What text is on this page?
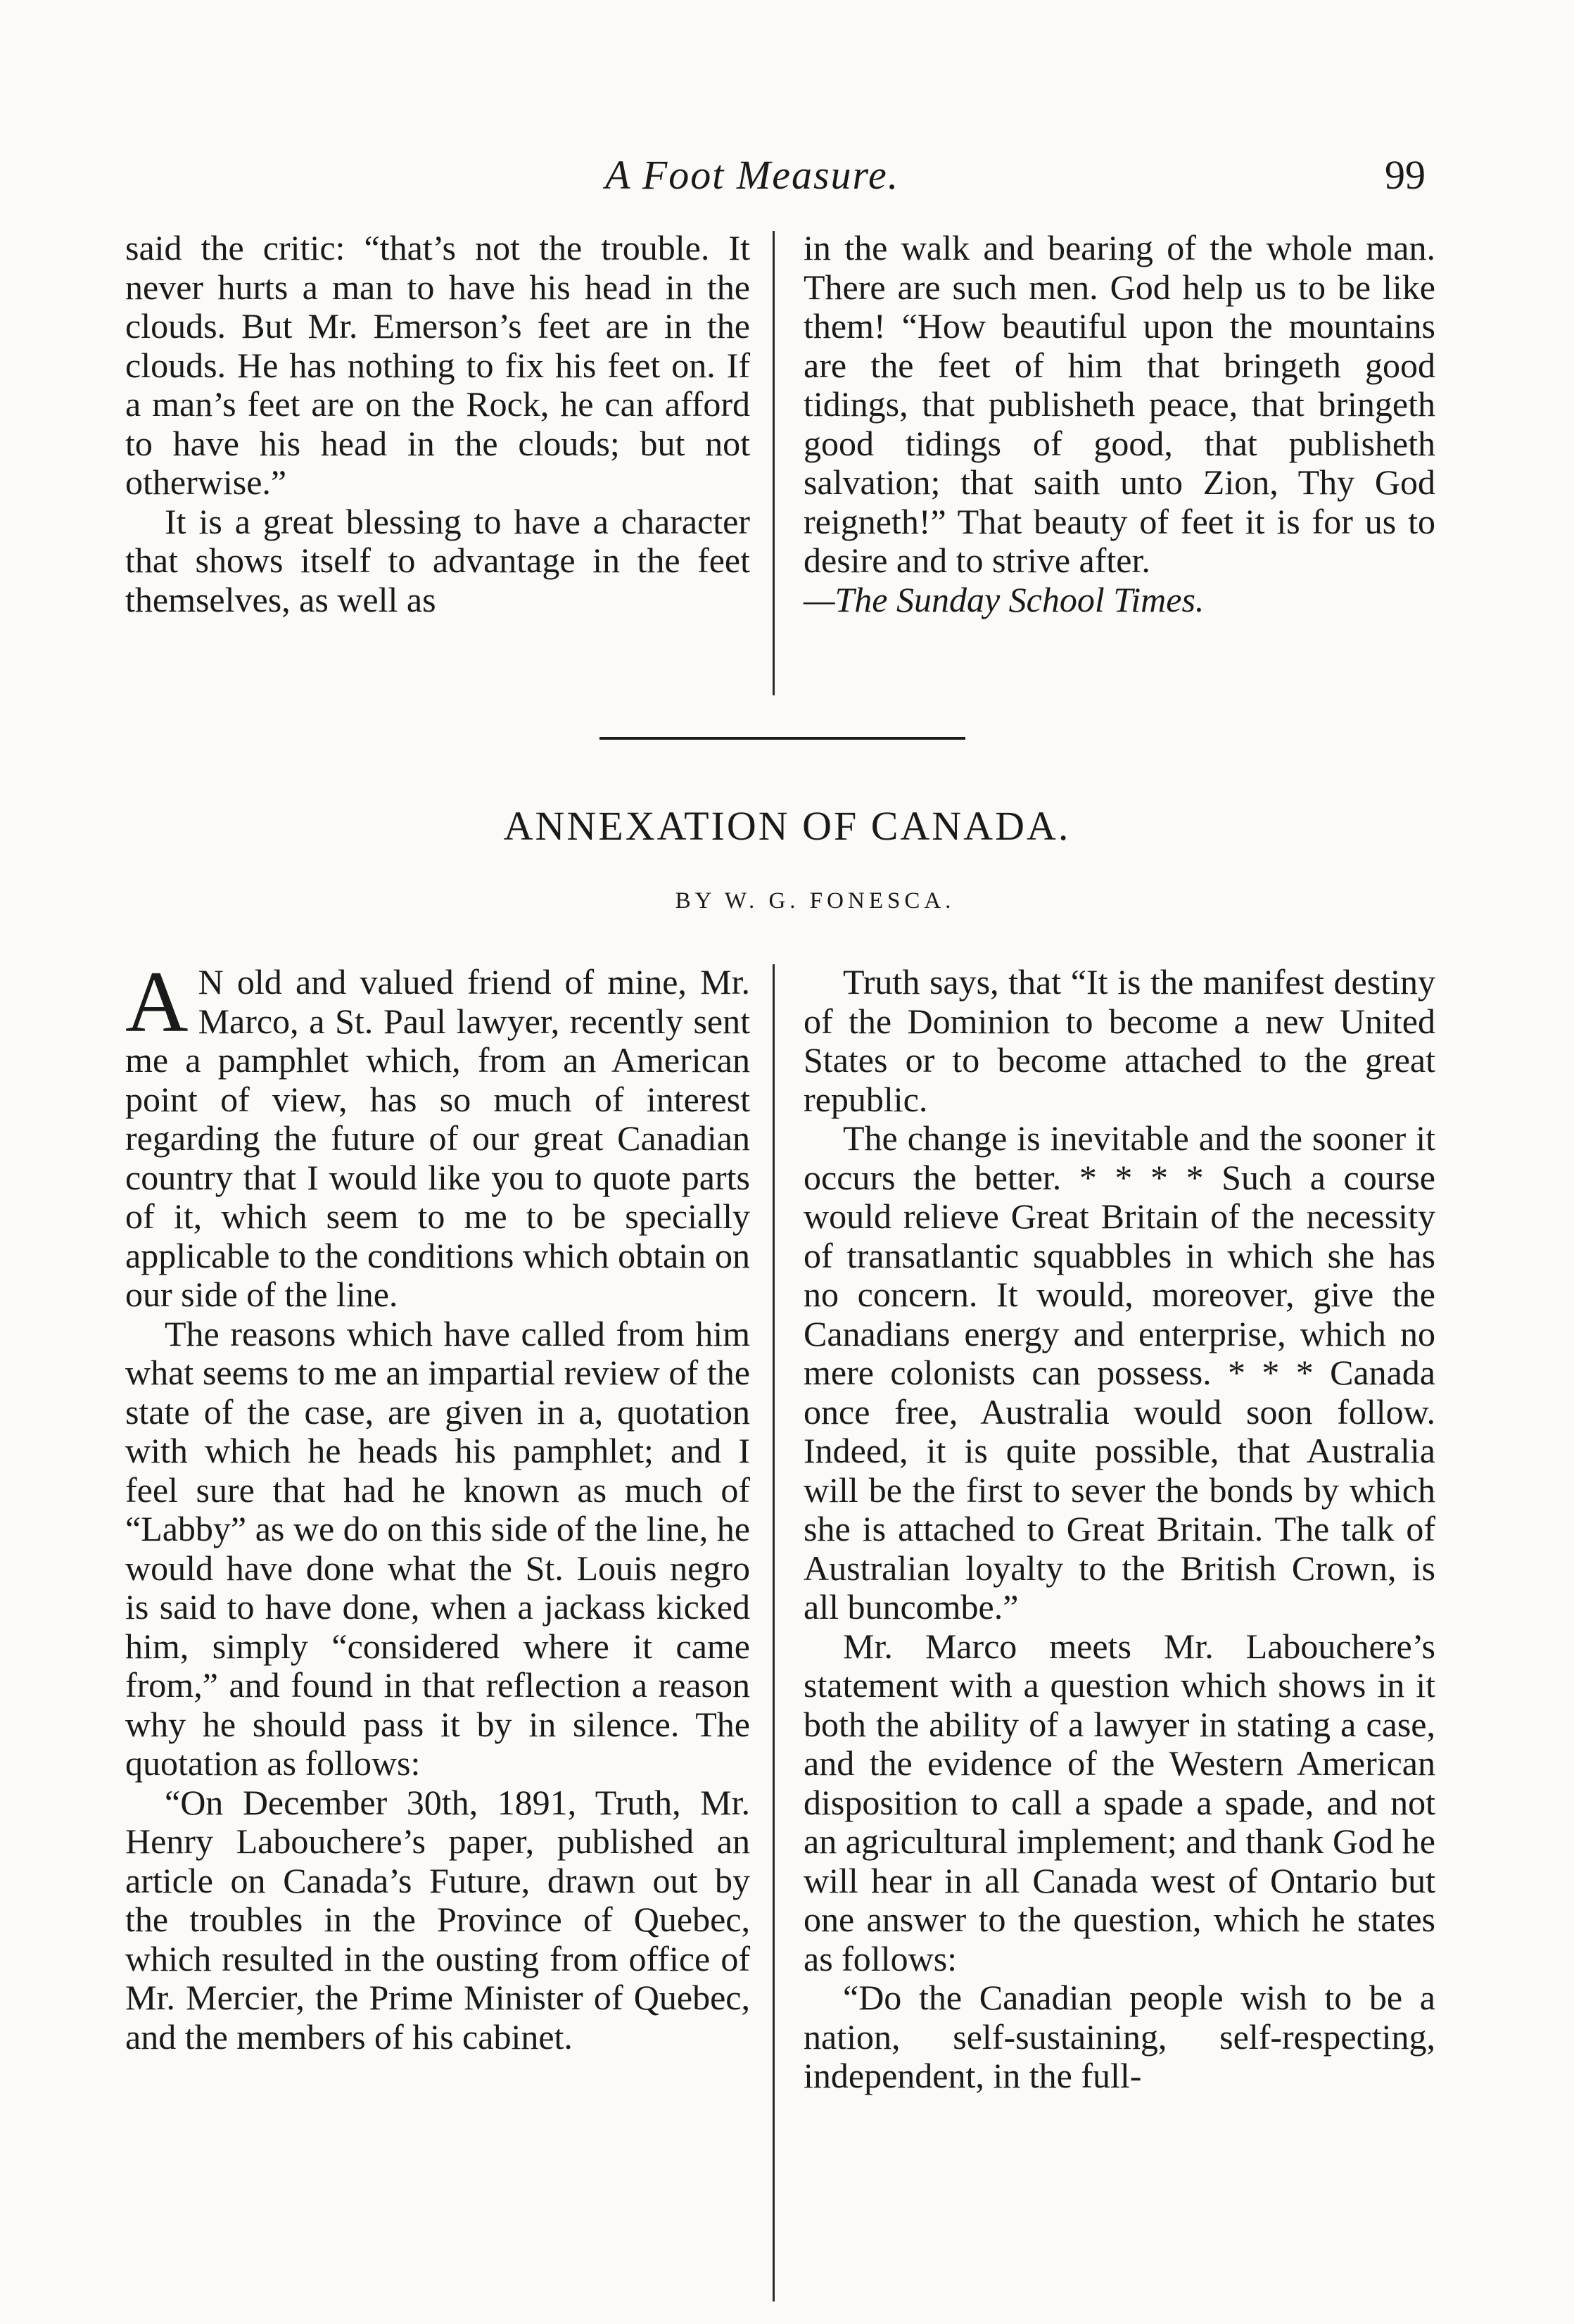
A Foot Measure.	99

said the critic: “that’s not the trouble. It never hurts a man to have his head in the clouds. But Mr. Emerson’s feet are in the clouds. He has nothing to fix his feet on. If a man’s feet are on the Rock, he can afford to have his head in the clouds; but not otherwise.”

It is a great blessing to have a character that shows itself to advantage in the feet themselves, as well as

in the walk and bearing of the whole man. There are such men. God help us to be like them! “How beautiful upon the mountains are the feet of him that bringeth good tidings, that publisheth peace, that bringeth good tidings of good, that publisheth salvation; that saith unto Zion, Thy God reigneth!” That beauty of feet it is for us to desire and to strive after.

—The Sunday School Times.

ANNEXATION OF CANADA.
BY W. G. FONESCA.

A N old and valued friend of mine, Mr. Marco, a St. Paul lawyer, recently sent me a pamphlet which, from an American point of view, has so much of interest regarding the future of our great Canadian country that I would like you to quote parts of it, which seem to me to be specially applicable to the conditions which obtain on our side of the line.

The reasons which have called from him what seems to me an impartial review of the state of the case, are given in a, quotation with which he heads his pamphlet; and I feel sure that had he known as much of “Labby” as we do on this side of the line, he would have done what the St. Louis negro is said to have done, when a jackass kicked him, simply “considered where it came from,” and found in that reflection a reason why he should pass it by in silence. The quotation as follows:

“On December 30th, 1891, Truth, Mr. Henry Labouchere’s paper, published an article on Canada’s Future, drawn out by the troubles in the Province of Quebec, which resulted in the ousting from office of Mr. Mercier, the Prime Minister of Quebec, and the members of his cabinet.

Truth says, that “It is the manifest destiny of the Dominion to become a new United States or to become attached to the great republic.

The change is inevitable and the sooner it occurs the better. * * * * Such a course would relieve Great Britain of the necessity of transatlantic squabbles in which she has no concern. It would, moreover, give the Canadians energy and enterprise, which no mere colonists can possess. * * * Canada once free, Australia would soon follow. Indeed, it is quite possible, that Australia will be the first to sever the bonds by which she is attached to Great Britain. The talk of Australian loyalty to the British Crown, is all buncombe.”

Mr. Marco meets Mr. Labouchere’s statement with a question which shows in it both the ability of a lawyer in stating a case, and the evidence of the Western American disposition to call a spade a spade, and not an agricultural implement; and thank God he will hear in all Canada west of Ontario but one answer to the question, which he states as follows:

“Do the Canadian people wish to be a nation, self-sustaining, self-respecting, independent, in the full-
